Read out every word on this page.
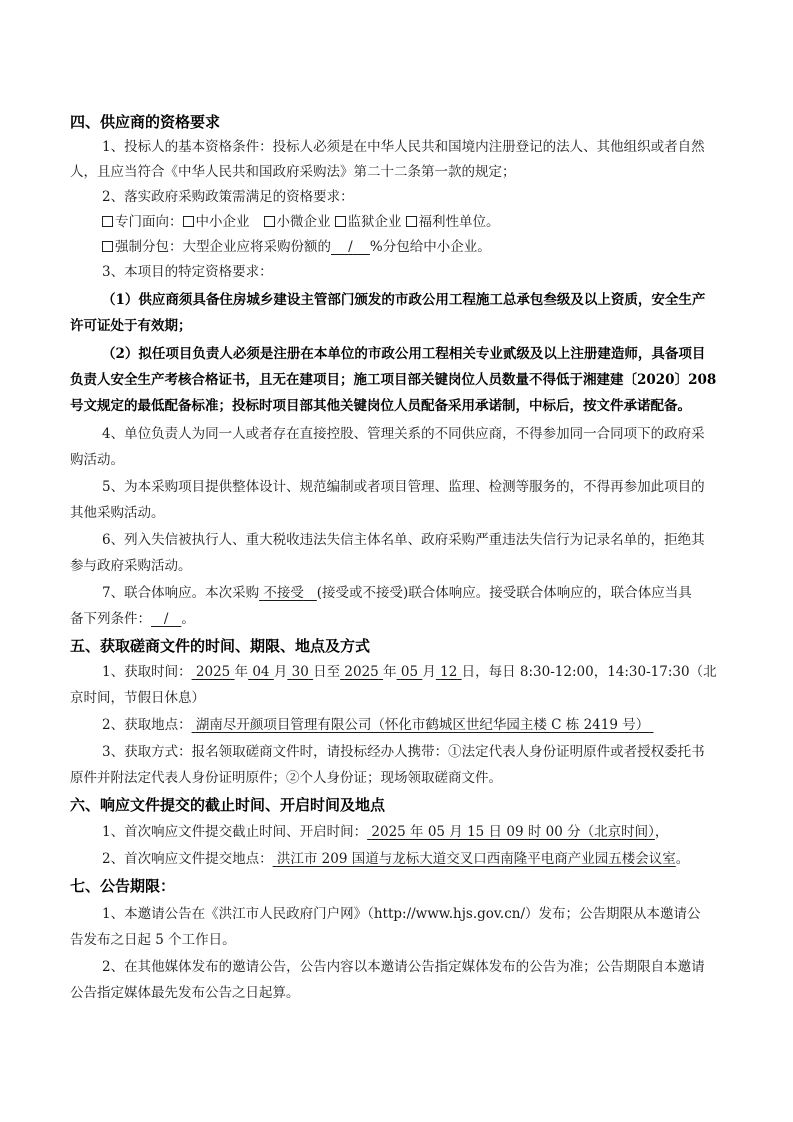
四、供应商的资格要求
1、投标人的基本资格条件：投标人必须是在中华人民共和国境内注册登记的法人、其他组织或者自然
人，且应当符合《中华人民共和国政府采购法》第二十二条第一款的规定；
2、落实政府采购政策需满足的资格要求：
专门面向： 中小企业 小微企业 监狱企业 福利性单位。
强制分包：大型企业应将采购份额的 / %分包给中小企业。
3、本项目的特定资格要求：
（1）供应商须具备住房城乡建设主管部门颁发的市政公用工程施工总承包叁级及以上资质，安全生产
许可证处于有效期；
（2）拟任项目负责人必须是注册在本单位的市政公用工程相关专业贰级及以上注册建造师，具备项目
负责人安全生产考核合格证书，且无在建项目；施工项目部关键岗位人员数量不得低于湘建建〔2020〕208
号文规定的最低配备标准；投标时项目部其他关键岗位人员配备采用承诺制，中标后，按文件承诺配备。
4、单位负责人为同一人或者存在直接控股、管理关系的不同供应商，不得参加同一合同项下的政府采
购活动。
5、为本采购项目提供整体设计、规范编制或者项目管理、监理、检测等服务的，不得再参加此项目的
其他采购活动。
6、列入失信被执行人、重大税收违法失信主体名单、政府采购严重违法失信行为记录名单的，拒绝其
参与政府采购活动。
7、联合体响应。本次采购 不接受 (接受或不接受)联合体响应。接受联合体响应的，联合体应当具
备下列条件： / 。
五、获取磋商文件的时间、期限、地点及方式
1、获取时间： 2025 年 04 月 30 日至 2025 年 05 月 12 日，每日 8:30-12:00，14:30-17:30（北
京时间，节假日休息）
2、获取地点： 湖南尽开颜项目管理有限公司（怀化市鹤城区世纪华园主楼 C 栋 2419 号）
3、获取方式：报名领取磋商文件时，请投标经办人携带：①法定代表人身份证明原件或者授权委托书
原件并附法定代表人身份证明原件；②个人身份证；现场领取磋商文件。
六、响应文件提交的截止时间、开启时间及地点
1、首次响应文件提交截止时间、开启时间： 2025 年 05 月 15 日 09 时 00 分（北京时间），
2、首次响应文件提交地点： 洪江市 209 国道与龙标大道交叉口西南隆平电商产业园五楼会议室。
七、公告期限：
1、本邀请公告在《洪江市人民政府门户网》（http://www.hjs.gov.cn/）发布；公告期限从本邀请公
告发布之日起 5 个工作日。
2、在其他媒体发布的邀请公告，公告内容以本邀请公告指定媒体发布的公告为准；公告期限自本邀请
公告指定媒体最先发布公告之日起算。
